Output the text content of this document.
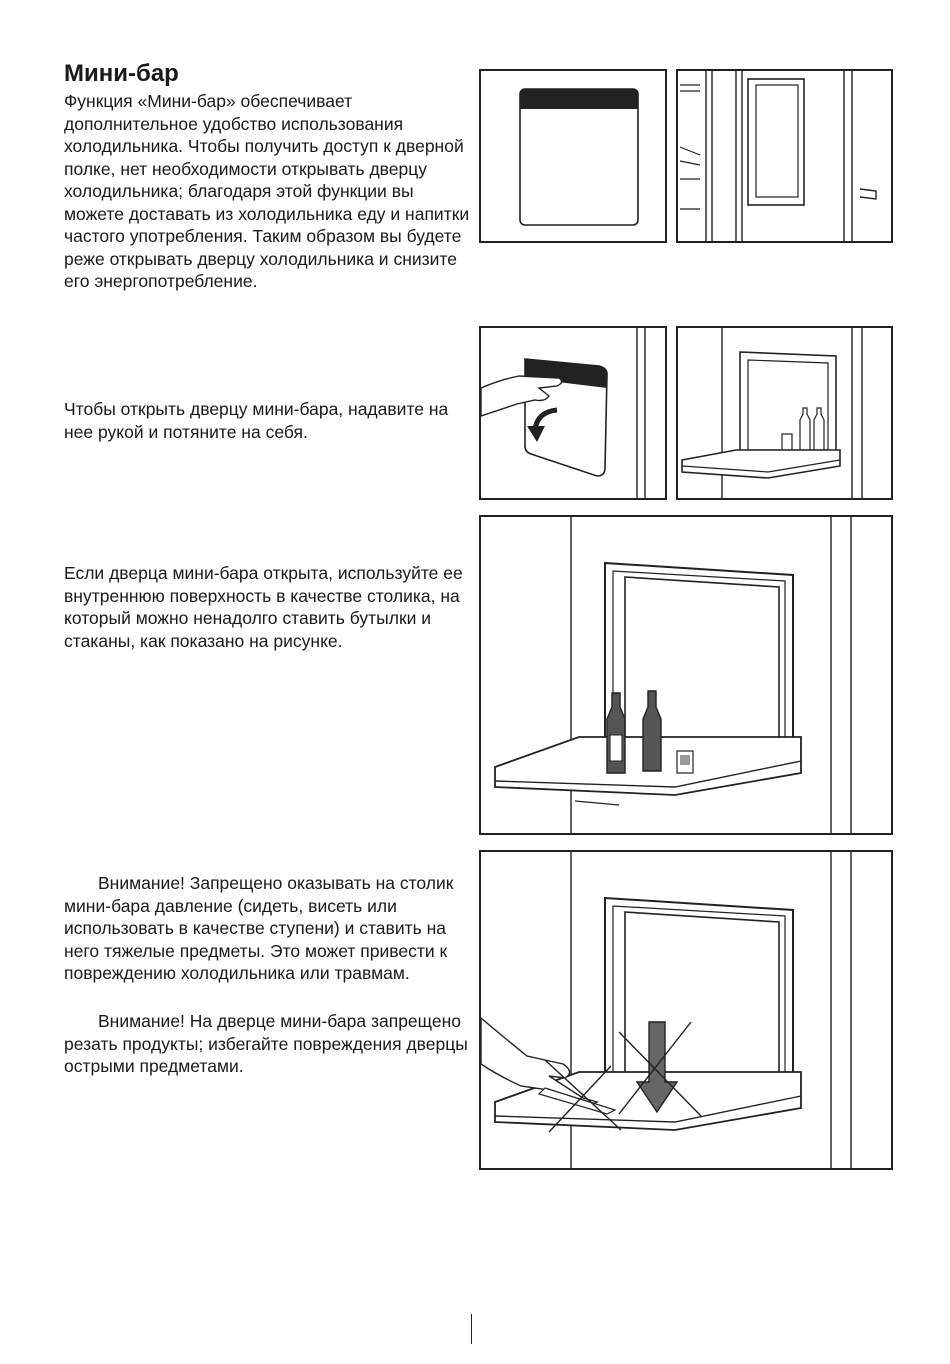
Мини-бар

Функция «Мини-бар» обеспечивает дополнительное удобство использования холодильника. Чтобы получить доступ к дверной полке, нет необходимости открывать дверцу холодильника; благодаря этой функции вы можете доставать из холодильника еду и напитки частого употребления. Таким образом вы будете реже открывать дверцу холодильника и снизите его энергопотребление.

Чтобы открыть дверцу мини-бара, надавите на нее рукой и потяните на себя.

Если дверца мини-бара открыта, используйте ее внутреннюю поверхность в качестве столика, на который можно ненадолго ставить бутылки и стаканы, как показано на рисунке.

Внимание! Запрещено оказывать на столик мини-бара давление (сидеть, висеть или использовать в качестве ступени) и ставить на него тяжелые предметы. Это может привести к повреждению холодильника или травмам.

Внимание! На дверце мини-бара запрещено резать продукты; избегайте повреждения дверцы острыми предметами.
